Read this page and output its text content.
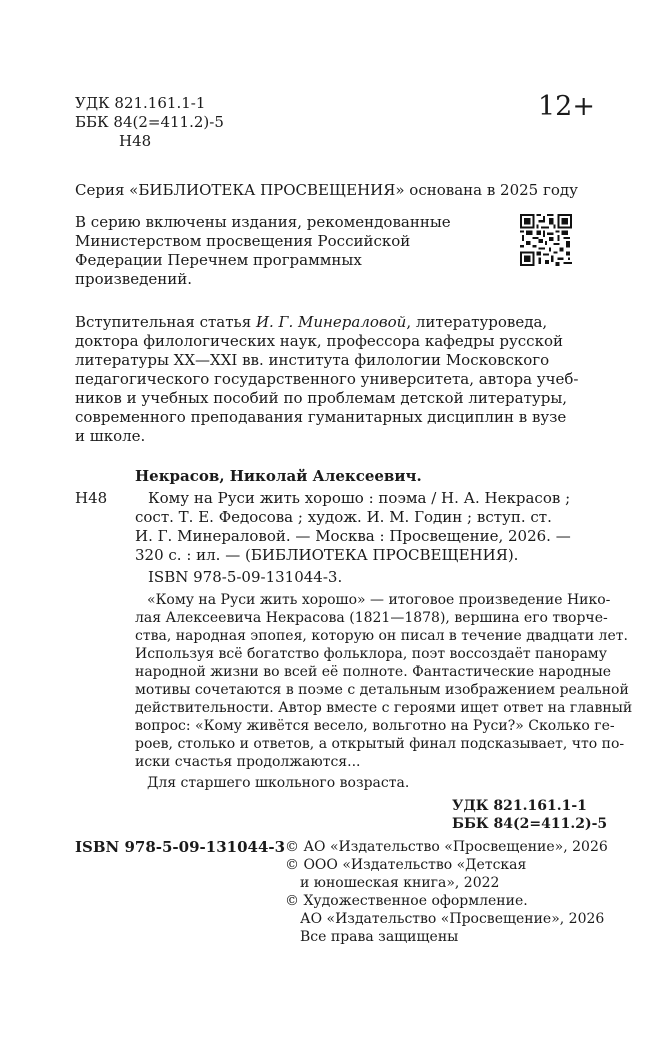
УДК 821.161.1-1
ББК 84(2=411.2)-5
Н48
12+
Серия «БИБЛИОТЕКА ПРОСВЕЩЕНИЯ» основана в 2025 году
В серию включены издания, рекомендованные
Министерством просвещения Российской
Федерации Перечнем программных
произведений.
Вступительная статья И. Г. Минераловой, литературоведа,
доктора филологических наук, профессора кафедры русской
литературы XX—XXI вв. института филологии Московского
педагогического государственного университета, автора учеб-
ников и учебных пособий по проблемам детской литературы,
современного преподавания гуманитарных дисциплин в вузе
и школе.
Некрасов, Николай Алексеевич.
Н48	Кому на Руси жить хорошо : поэма / Н. А. Некрасов ;
сост. Т. Е. Федосова ; худож. И. М. Годин ; вступ. ст.
И. Г. Минераловой. — Москва : Просвещение, 2026. —
320 с. : ил. — (БИБЛИОТЕКА ПРОСВЕЩЕНИЯ).
ISBN 978-5-09-131044-3.
«Кому на Руси жить хорошо» — итоговое произведение Нико-
лая Алексеевича Некрасова (1821—1878), вершина его творче-
ства, народная эпопея, которую он писал в течение двадцати лет.
Используя всё богатство фольклора, поэт воссоздаёт панораму
народной жизни во всей её полноте. Фантастические народные
мотивы сочетаются в поэме с детальным изображением реальной
действительности. Автор вместе с героями ищет ответ на главный
вопрос: «Кому живётся весело, вольготно на Руси?» Сколько ге-
роев, столько и ответов, а открытый финал подсказывает, что по-
иски счастья продолжаются...
Для старшего школьного возраста.
УДК 821.161.1-1
ББК 84(2=411.2)-5
ISBN 978-5-09-131044-3 © АО «Издательство «Просвещение», 2026
© ООО «Издательство «Детская
и юношеская книга», 2022
© Художественное оформление.
АО «Издательство «Просвещение», 2026
Все права защищены
